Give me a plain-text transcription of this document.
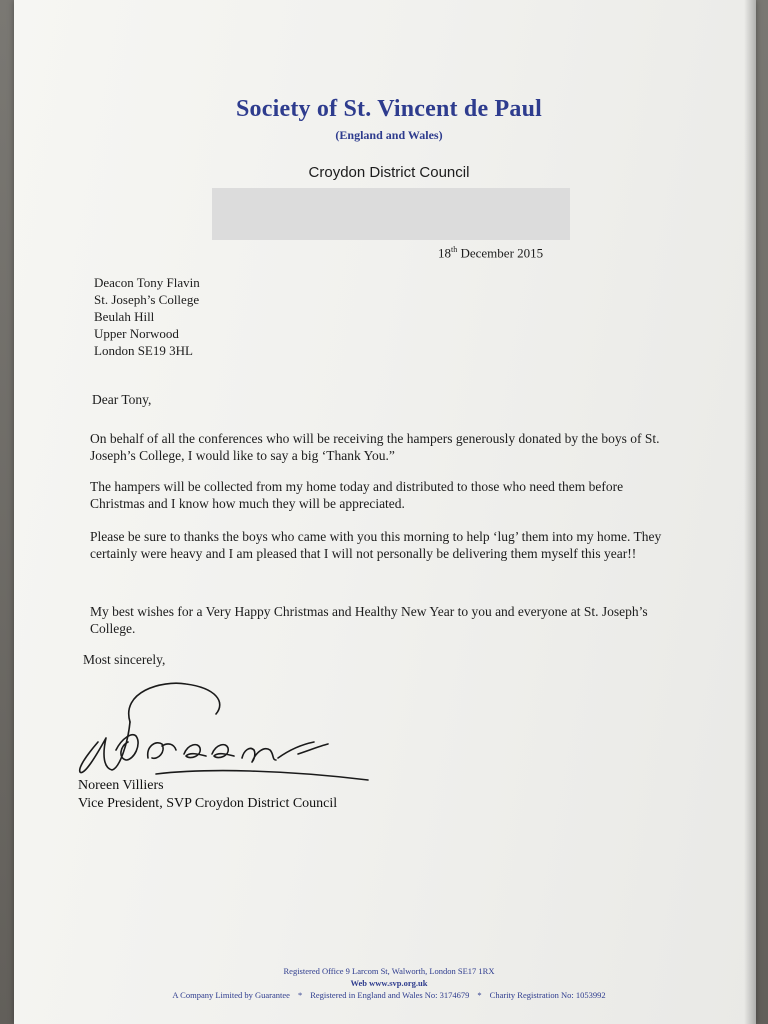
Society of St. Vincent de Paul
(England and Wales)
Croydon District Council
18th December 2015
Deacon Tony Flavin
St. Joseph’s College
Beulah Hill
Upper Norwood
London SE19 3HL
Dear Tony,
On behalf of all the conferences who will be receiving the hampers generously donated by the boys of St. Joseph’s College, I would like to say a big ‘Thank You.”
The hampers will be collected from my home today and distributed to those who need them before Christmas and I know how much they will be appreciated.
Please be sure to thanks the boys who came with you this morning to help ‘lug’ them into my home. They certainly were heavy and I am pleased that I will not personally be delivering them myself this year!!
My best wishes for a Very Happy Christmas and Healthy New Year to you and everyone at St. Joseph’s College.
Most sincerely,
Noreen Villiers
Vice President, SVP Croydon District Council
Registered Office 9 Larcom St, Walworth, London SE17 1RX
Web www.svp.org.uk
A Company Limited by Guarantee * Registered in England and Wales No: 3174679 * Charity Registration No: 1053992
